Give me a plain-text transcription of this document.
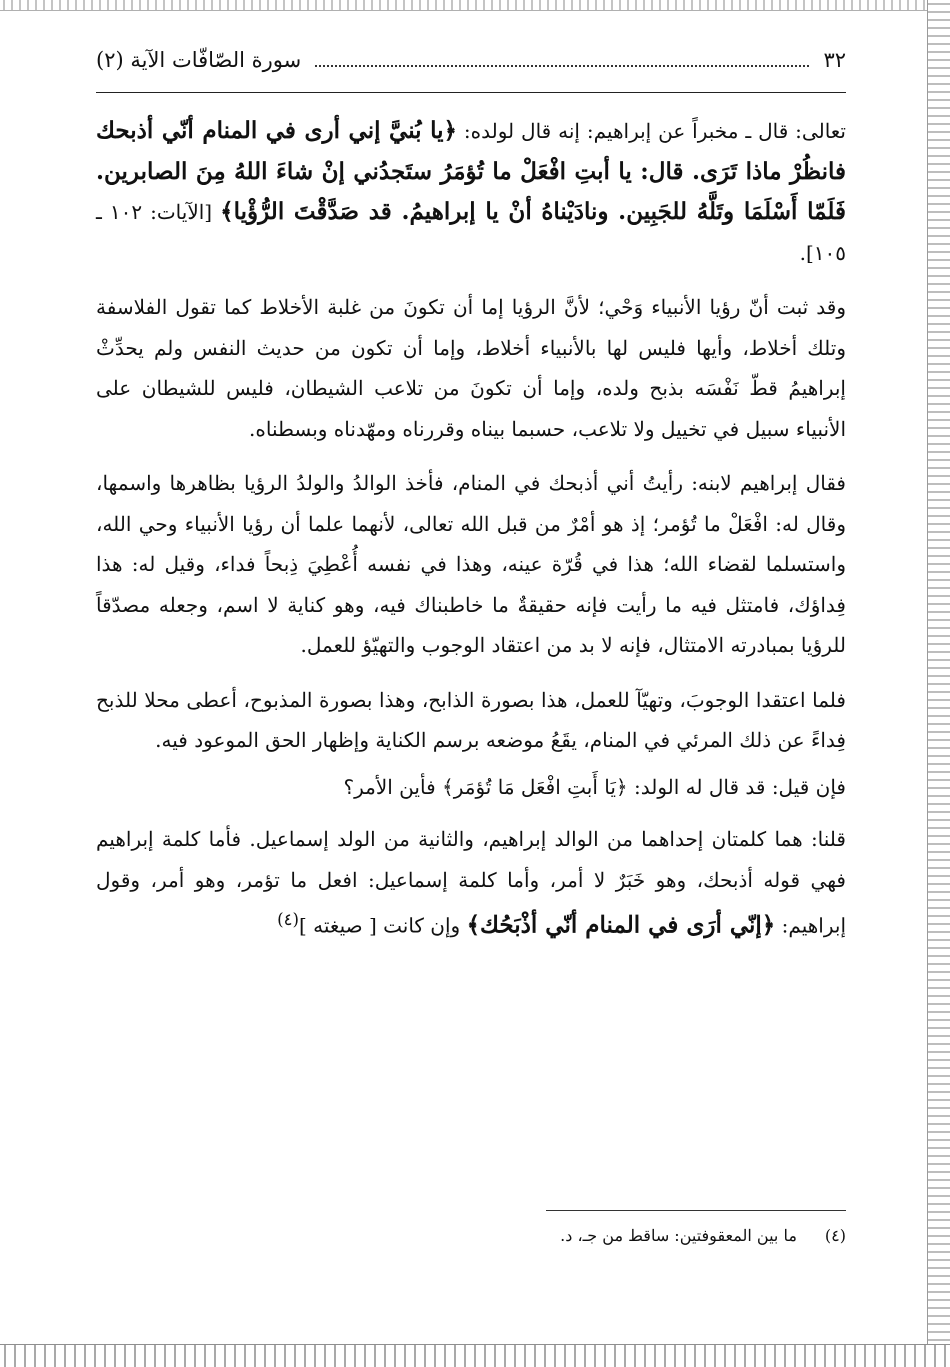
٣٢
سورة الصّافّات الآية (٢)

تعالى: قال ـ مخبراً عن إبراهيم: إنه قال لولده: ﴿يا بُنيَّ إني أرى في المنام أنّي أذبحك فانظُرْ ماذا تَرَى. قال: يا أبتِ افْعَلْ ما تُؤمَرُ ستَجدُني إنْ شاءَ اللهُ مِنَ الصابرين. فَلَمّا أَسْلَمَا وتَلَّهُ للجَبِين. ونادَيْناهُ أنْ يا إبراهيمُ. قد صَدَّقْتَ الرُّؤْيا﴾ [الآيات: ١٠٢ ـ ١٠٥].

وقد ثبت أنّ رؤيا الأنبياء وَحْي؛ لأنَّ الرؤيا إما أن تكونَ من غلبة الأخلاط كما تقول الفلاسفة وتلك أخلاط، وأيها فليس لها بالأنبياء أخلاط، وإما أن تكون من حديث النفس ولم يحدِّثْ إبراهيمُ قطّ نَفْسَه بذبح ولده، وإما أن تكونَ من تلاعب الشيطان، فليس للشيطان على الأنبياء سبيل في تخييل ولا تلاعب، حسبما بيناه وقررناه ومهّدناه وبسطناه.

فقال إبراهيم لابنه: رأيتُ أني أذبحك في المنام، فأخذ الوالدُ والولدُ الرؤيا بظاهرها واسمها، وقال له: افْعَلْ ما تُؤمر؛ إذ هو أمْرٌ من قبل الله تعالى، لأنهما علما أن رؤيا الأنبياء وحي الله، واستسلما لقضاء الله؛ هذا في قُرّة عينه، وهذا في نفسه أُعْطِيَ ذِبحاً فداء، وقيل له: هذا فِداؤك، فامتثل فيه ما رأيت فإنه حقيقةٌ ما خاطبناك فيه، وهو كناية لا اسم، وجعله مصدّقاً للرؤيا بمبادرته الامتثال، فإنه لا بد من اعتقاد الوجوب والتهيّؤ للعمل.

فلما اعتقدا الوجوبَ، وتهيّآ للعمل، هذا بصورة الذابح، وهذا بصورة المذبوح، أعطى محلا للذبح فِداءً عن ذلك المرئي في المنام، يقَعُ موضعه برسم الكناية وإظهار الحق الموعود فيه.

فإن قيل: قد قال له الولد: ﴿يَا أَبتِ افْعَل مَا تُؤمَر﴾ فأين الأمر؟

قلنا: هما كلمتان إحداهما من الوالد إبراهيم، والثانية من الولد إسماعيل. فأما كلمة إبراهيم فهي قوله أذبحك، وهو خَبَرٌ لا أمر، وأما كلمة إسماعيل: افعل ما تؤمر، وهو أمر، وقول إبراهيم: ﴿إنّي أرَى في المنام أنّي أذْبَحُك﴾ وإن كانت [ صيغته ]$^{(٤)}$

(٤)ما بين المعقوفتين: ساقط من جـ، د.
